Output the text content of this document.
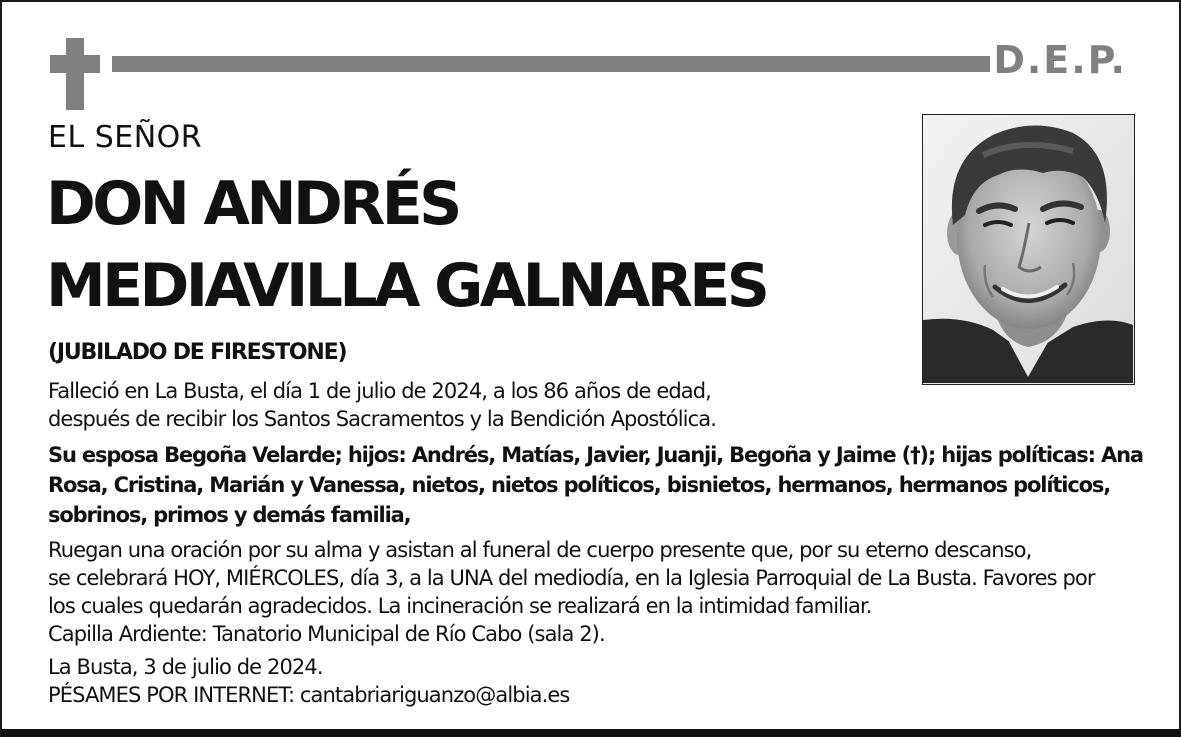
D.E.P.
EL SEÑOR
DON ANDRÉS
MEDIAVILLA GALNARES
(JUBILADO DE FIRESTONE)
Falleció en La Busta, el día 1 de julio de 2024, a los 86 años de edad,
después de recibir los Santos Sacramentos y la Bendición Apostólica.
Su esposa Begoña Velarde; hijos: Andrés, Matías, Javier, Juanji, Begoña y Jaime (†); hijas políticas: Ana
Rosa, Cristina, Marián y Vanessa, nietos, nietos políticos, bisnietos, hermanos, hermanos políticos,
sobrinos, primos y demás familia,
Ruegan una oración por su alma y asistan al funeral de cuerpo presente que, por su eterno descanso,
se celebrará HOY, MIÉRCOLES, día 3, a la UNA del mediodía, en la Iglesia Parroquial de La Busta. Favores por
los cuales quedarán agradecidos. La incineración se realizará en la intimidad familiar.
Capilla Ardiente: Tanatorio Municipal de Río Cabo (sala 2).
La Busta, 3 de julio de 2024.
PÉSAMES POR INTERNET: cantabriariguanzo@albia.es
